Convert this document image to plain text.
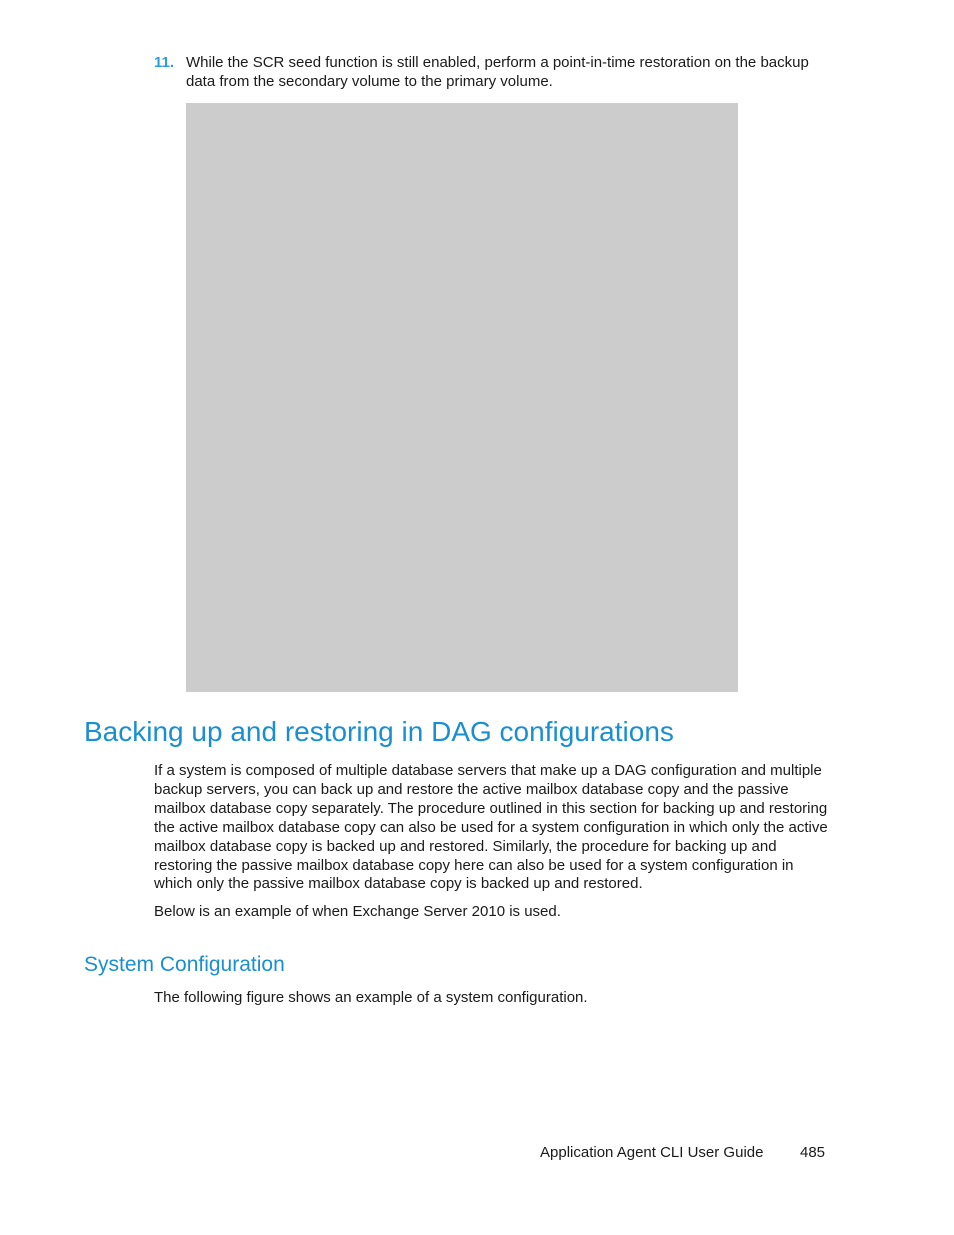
11. While the SCR seed function is still enabled, perform a point-in-time restoration on the backup data from the secondary volume to the primary volume.
Backing up and restoring in DAG configurations

If a system is composed of multiple database servers that make up a DAG configuration and multiple backup servers, you can back up and restore the active mailbox database copy and the passive mailbox database copy separately. The procedure outlined in this section for backing up and restoring the active mailbox database copy can also be used for a system configuration in which only the active mailbox database copy is backed up and restored. Similarly, the procedure for backing up and restoring the passive mailbox database copy here can also be used for a system configuration in which only the passive mailbox database copy is backed up and restored.

Below is an example of when Exchange Server 2010 is used.

System Configuration

The following figure shows an example of a system configuration.

Application Agent CLI User Guide 485
